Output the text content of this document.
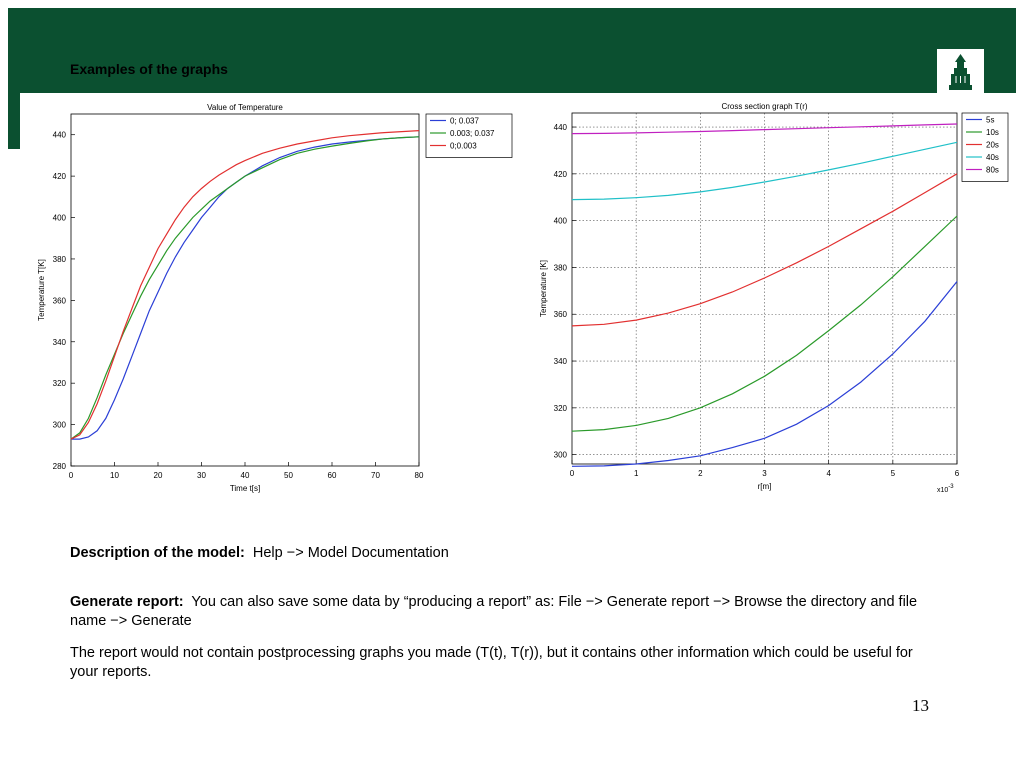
Examples of the graphs
Value of Temperature
0	10	20	30	40	50	60	70	80
280
300
320
340
360
380
400
420
440
Time t[s]
Temperature T[K]
0; 0.037
0.003; 0.037
0;0.003
Cross section graph T(r)
0	1	2	3	4	5	6
300
320
340
360
380
400
420
440
r[m]
Temperature [K]
x10-3
5s
10s
20s
40s
80s
Description of the model: Help −> Model Documentation
Generate report: You can also save some data by “producing a report” as: File −> Generate report −> Browse the directory and file name −> Generate
The report would not contain postprocessing graphs you made (T(t), T(r)), but it contains other information which could be useful for your reports.
13
